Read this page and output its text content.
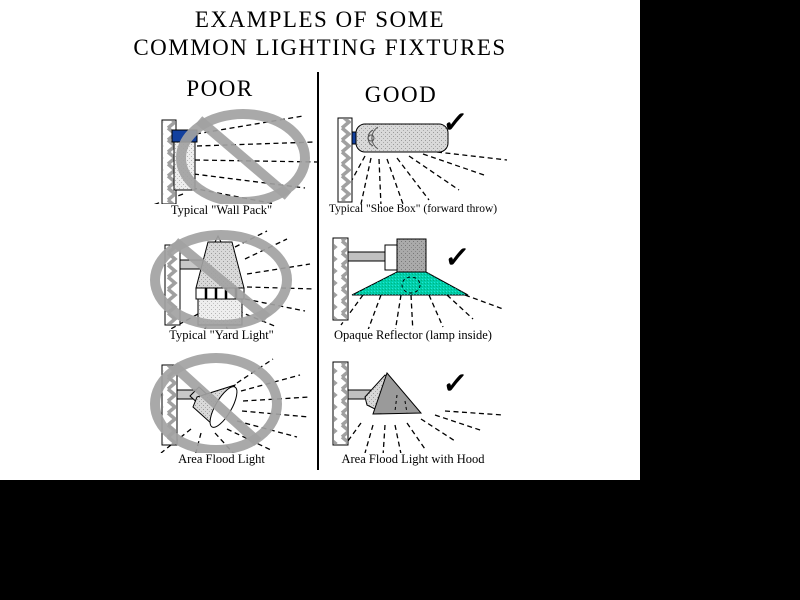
EXAMPLES OF SOME
COMMON LIGHTING FIXTURES
POOR	GOOD
Typical "Wall Pack"
✓
Typical "Shoe Box" (forward throw)
Typical "Yard Light"
✓
Opaque Reflector (lamp inside)
Area Flood Light
✓
Area Flood Light with Hood
